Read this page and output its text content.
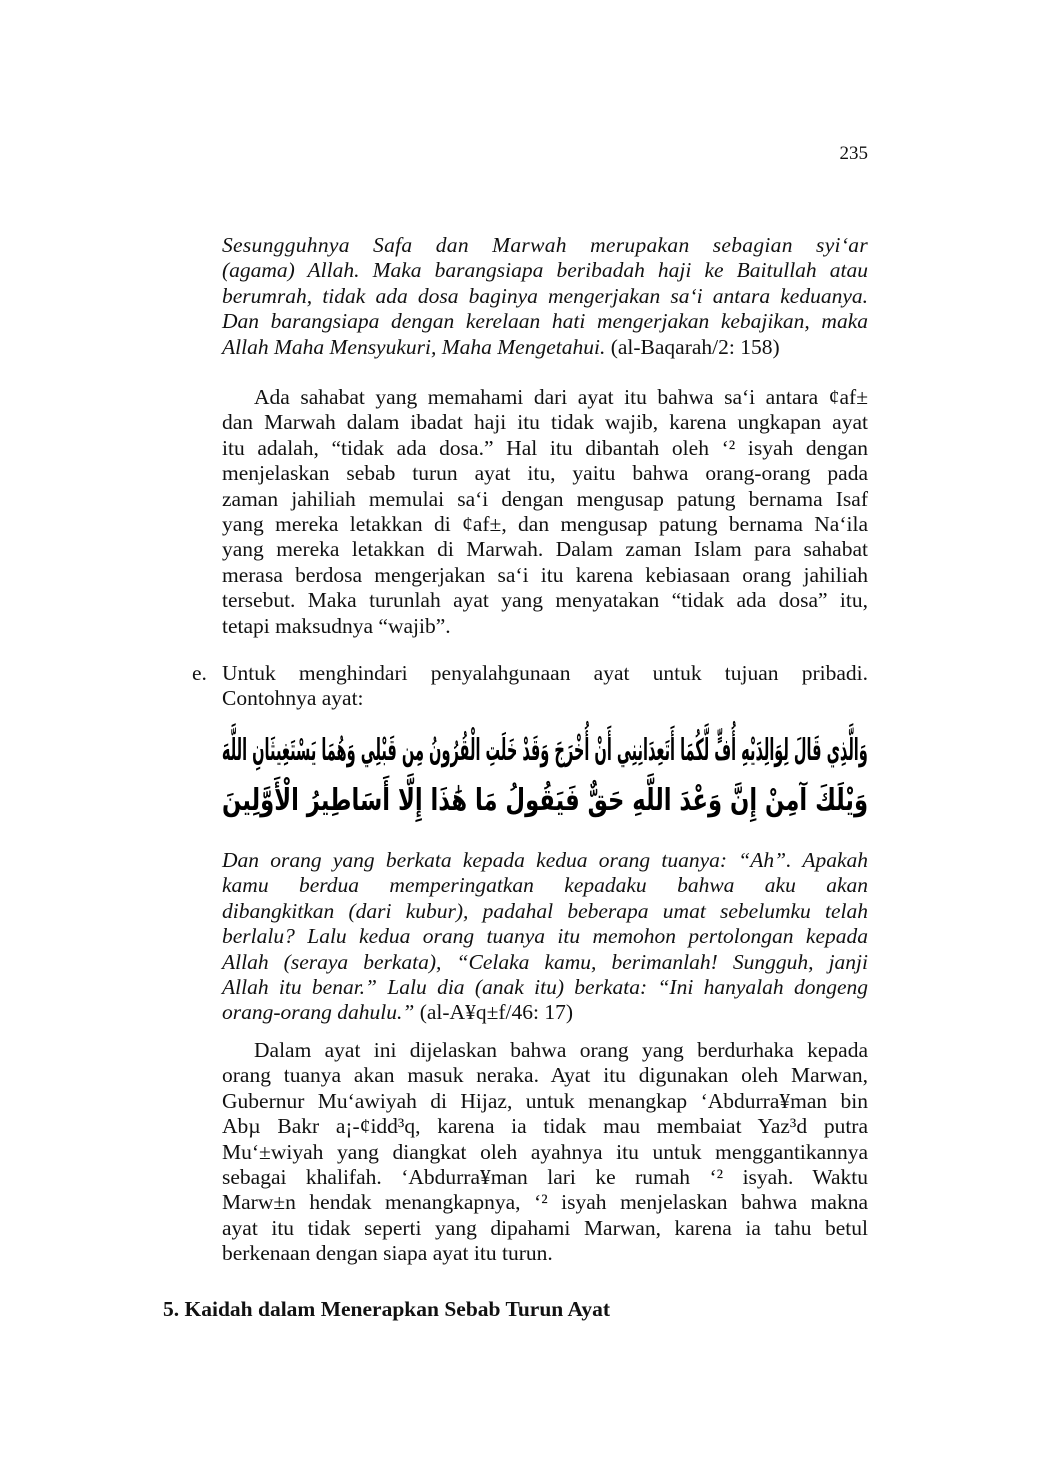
235

Sesungguhnya Safa dan Marwah merupakan sebagian syi‘ar
(agama) Allah. Maka barangsiapa beribadah haji ke Baitullah atau
berumrah, tidak ada dosa baginya mengerjakan sa‘i antara keduanya.
Dan barangsiapa dengan kerelaan hati mengerjakan kebajikan, maka
Allah Maha Mensyukuri, Maha Mengetahui. (al-Baqarah/2: 158)

Ada sahabat yang memahami dari ayat itu bahwa sa‘i antara ¢af±
dan Marwah dalam ibadat haji itu tidak wajib, karena ungkapan ayat
itu adalah, “tidak ada dosa.” Hal itu dibantah oleh ‘² isyah dengan
menjelaskan sebab turun ayat itu, yaitu bahwa orang-orang pada
zaman jahiliah memulai sa‘i dengan mengusap patung bernama Isaf
yang mereka letakkan di ¢af±, dan mengusap patung bernama Na‘ila
yang mereka letakkan di Marwah. Dalam zaman Islam para sahabat
merasa berdosa mengerjakan sa‘i itu karena kebiasaan orang jahiliah
tersebut. Maka turunlah ayat yang menyatakan “tidak ada dosa” itu,
tetapi maksudnya “wajib”.

e. Untuk menghindari penyalahgunaan ayat untuk tujuan pribadi.
Contohnya ayat:

وَالَّذِي قَالَ لِوَالِدَيْهِ أُفٍّ لَّكُمَا أَتَعِدَانِنِي أَنْ أُخْرَجَ وَقَدْ خَلَتِ الْقُرُونُ مِن قَبْلِي وَهُمَا يَسْتَغِيثَانِ اللَّهَ
وَيْلَكَ آمِنْ إِنَّ وَعْدَ اللَّهِ حَقٌّ فَيَقُولُ مَا هَٰذَا إِلَّا أَسَاطِيرُ الْأَوَّلِينَ

Dan orang yang berkata kepada kedua orang tuanya: “Ah”. Apakah
kamu berdua memperingatkan kepadaku bahwa aku akan
dibangkitkan (dari kubur), padahal beberapa umat sebelumku telah
berlalu? Lalu kedua orang tuanya itu memohon pertolongan kepada
Allah (seraya berkata), “Celaka kamu, berimanlah! Sungguh, janji
Allah itu benar.” Lalu dia (anak itu) berkata: “Ini hanyalah dongeng
orang-orang dahulu.” (al-A¥q±f/46: 17)

Dalam ayat ini dijelaskan bahwa orang yang berdurhaka kepada
orang tuanya akan masuk neraka. Ayat itu digunakan oleh Marwan,
Gubernur Mu‘awiyah di Hijaz, untuk menangkap ‘Abdurra¥man bin
Abµ Bakr a¡-¢idd³q, karena ia tidak mau membaiat Yaz³d putra
Mu‘±wiyah yang diangkat oleh ayahnya itu untuk menggantikannya
sebagai khalifah. ‘Abdurra¥man lari ke rumah ‘² isyah. Waktu
Marw±n hendak menangkapnya, ‘² isyah menjelaskan bahwa makna
ayat itu tidak seperti yang dipahami Marwan, karena ia tahu betul
berkenaan dengan siapa ayat itu turun.

5. Kaidah dalam Menerapkan Sebab Turun Ayat
